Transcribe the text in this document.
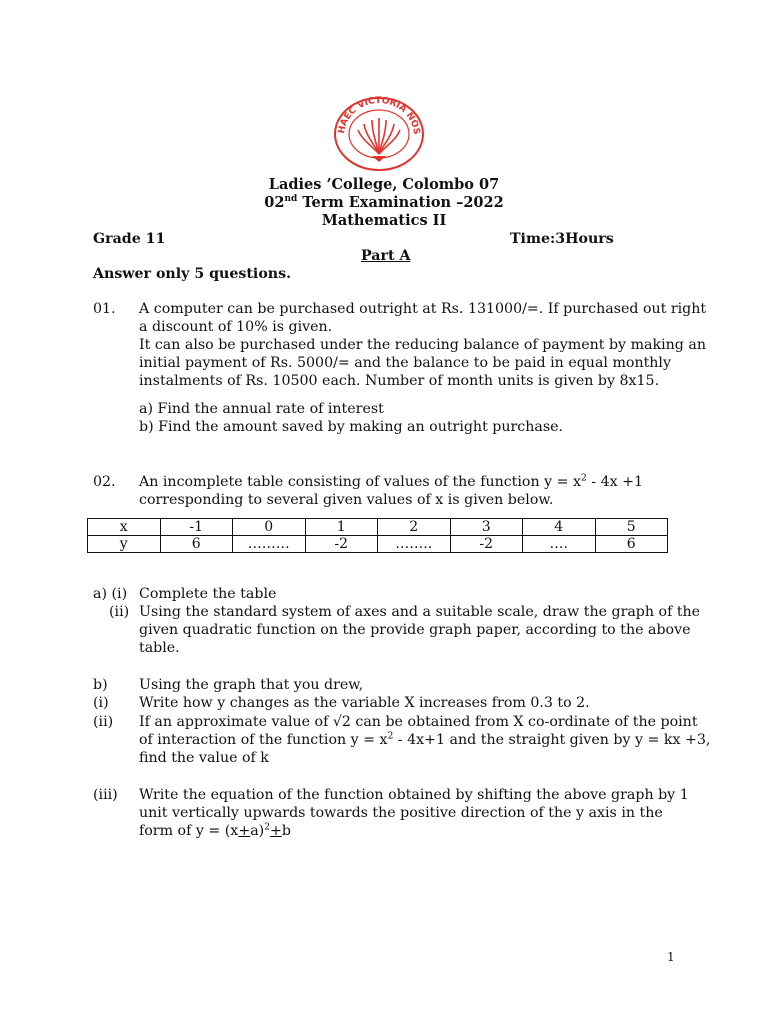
HAEC VICTORIA NOS
Ladies ’College, Colombo 07
02nd Term Examination –2022
Mathematics II
Grade 11	Time:3Hours
Part A
Answer only 5 questions.
01. A computer can be purchased outright at Rs. 131000/=. If purchased out right
a discount of 10% is given.
It can also be purchased under the reducing balance of payment by making an
initial payment of Rs. 5000/= and the balance to be paid in equal monthly
instalments of Rs. 10500 each. Number of month units is given by 8x15.
a) Find the annual rate of interest
b) Find the amount saved by making an outright purchase.
02. An incomplete table consisting of values of the function $y = x^2 - 4x +1$
corresponding to several given values of x is given below.
x	-1	0	1	2	3	4	5
y	6	………	-2	……..	-2	….	6
a) (i) Complete the table
(ii) Using the standard system of axes and a suitable scale, draw the graph of the
given quadratic function on the provide graph paper, according to the above
table.
b) Using the graph that you drew,
(i) Write how y changes as the variable X increases from 0.3 to 2.
(ii) If an approximate value of √2 can be obtained from X co-ordinate of the point
of interaction of the function $y = x^2 - 4x+1$ and the straight given by y = kx +3,
find the value of k
(iii) Write the equation of the function obtained by shifting the above graph by 1
unit vertically upwards towards the positive direction of the y axis in the
form of $y = (x+a)^2+b$
1
